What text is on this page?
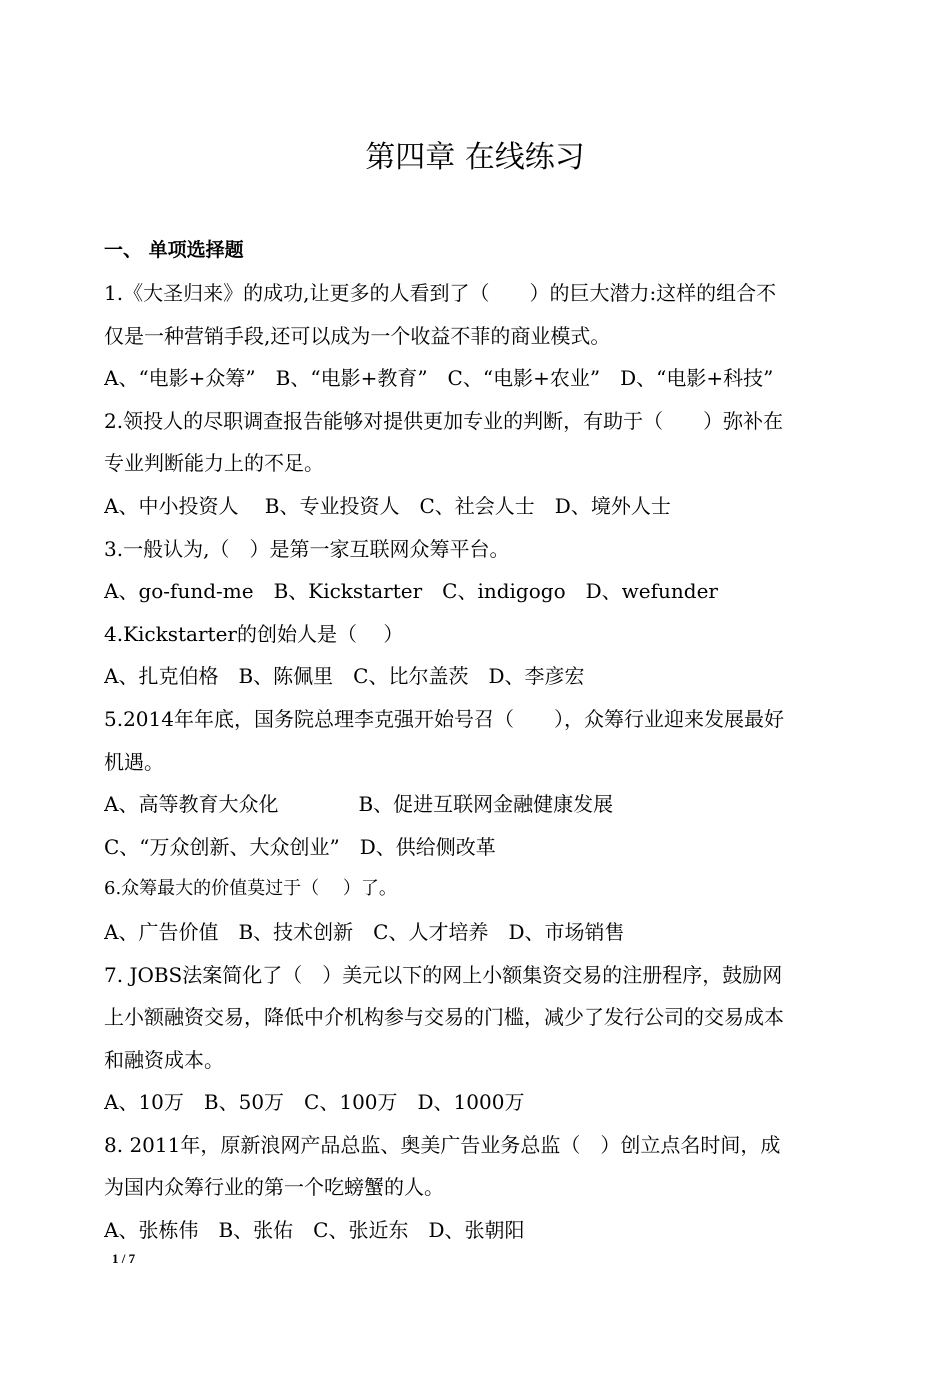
第四章 在线练习
一、 单项选择题
1.《大圣归来》的成功,让更多的人看到了（　　）的巨大潜力:这样的组合不
仅是一种营销手段,还可以成为一个收益不菲的商业模式。
A、“电影+众筹”　B、“电影+教育”　C、“电影+农业”　D、“电影+科技”
2.领投人的尽职调查报告能够对提供更加专业的判断，有助于（　　）弥补在
专业判断能力上的不足。
A、中小投资人　 B、专业投资人　C、社会人士　D、境外人士
3.一般认为,（　）是第一家互联网众筹平台。
A、go-fund-me　B、Kickstarter　C、indigogo　D、wefunder
4.Kickstarter的创始人是（　 ）
A、扎克伯格　B、陈佩里　C、比尔盖茨　D、李彦宏
5.2014年年底，国务院总理李克强开始号召（　　），众筹行业迎来发展最好
机遇。
A、高等教育大众化　　　　B、促进互联网金融健康发展
C、“万众创新、大众创业”　D、供给侧改革
6.众筹最大的价值莫过于（　 ）了。
A、广告价值　B、技术创新　C、人才培养　D、市场销售
7. JOBS法案简化了（　）美元以下的网上小额集资交易的注册程序，鼓励网
上小额融资交易，降低中介机构参与交易的门槛，减少了发行公司的交易成本
和融资成本。
A、10万　B、50万　C、100万　D、1000万
8. 2011年，原新浪网产品总监、奥美广告业务总监（　）创立点名时间，成
为国内众筹行业的第一个吃螃蟹的人。
A、张栋伟　B、张佑　C、张近东　D、张朝阳
1 / 7
